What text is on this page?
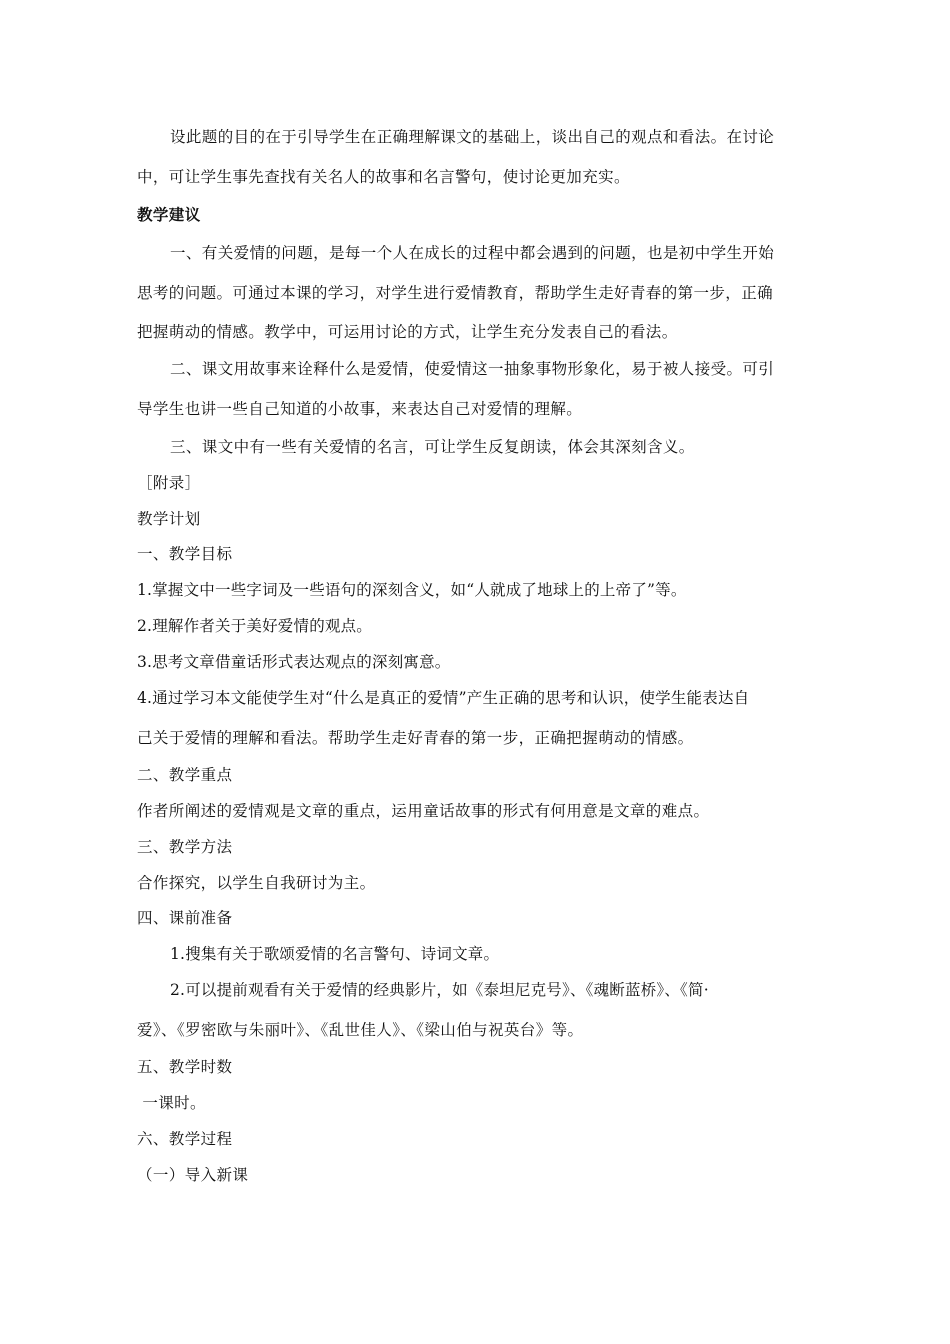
设此题的目的在于引导学生在正确理解课文的基础上，谈出自己的观点和看法。在讨论
中，可让学生事先查找有关名人的故事和名言警句，使讨论更加充实。
教学建议
一、有关爱情的问题，是每一个人在成长的过程中都会遇到的问题，也是初中学生开始
思考的问题。可通过本课的学习，对学生进行爱情教育，帮助学生走好青春的第一步，正确
把握萌动的情感。教学中，可运用讨论的方式，让学生充分发表自己的看法。
二、课文用故事来诠释什么是爱情，使爱情这一抽象事物形象化，易于被人接受。可引
导学生也讲一些自己知道的小故事，来表达自己对爱情的理解。
三、课文中有一些有关爱情的名言，可让学生反复朗读，体会其深刻含义。
［附录］
教学计划
一、教学目标
1.掌握文中一些字词及一些语句的深刻含义，如“人就成了地球上的上帝了”等。
2.理解作者关于美好爱情的观点。
3.思考文章借童话形式表达观点的深刻寓意。
4.通过学习本文能使学生对“什么是真正的爱情”产生正确的思考和认识，使学生能表达自
己关于爱情的理解和看法。帮助学生走好青春的第一步，正确把握萌动的情感。
二、教学重点
作者所阐述的爱情观是文章的重点，运用童话故事的形式有何用意是文章的难点。
三、教学方法
合作探究，以学生自我研讨为主。
四、课前准备
1.搜集有关于歌颂爱情的名言警句、诗词文章。
2.可以提前观看有关于爱情的经典影片，如《泰坦尼克号》、《魂断蓝桥》、《简·
爱》、《罗密欧与朱丽叶》、《乱世佳人》、《梁山伯与祝英台》等。
五、教学时数
一课时。
六、教学过程
（一）导入新课
